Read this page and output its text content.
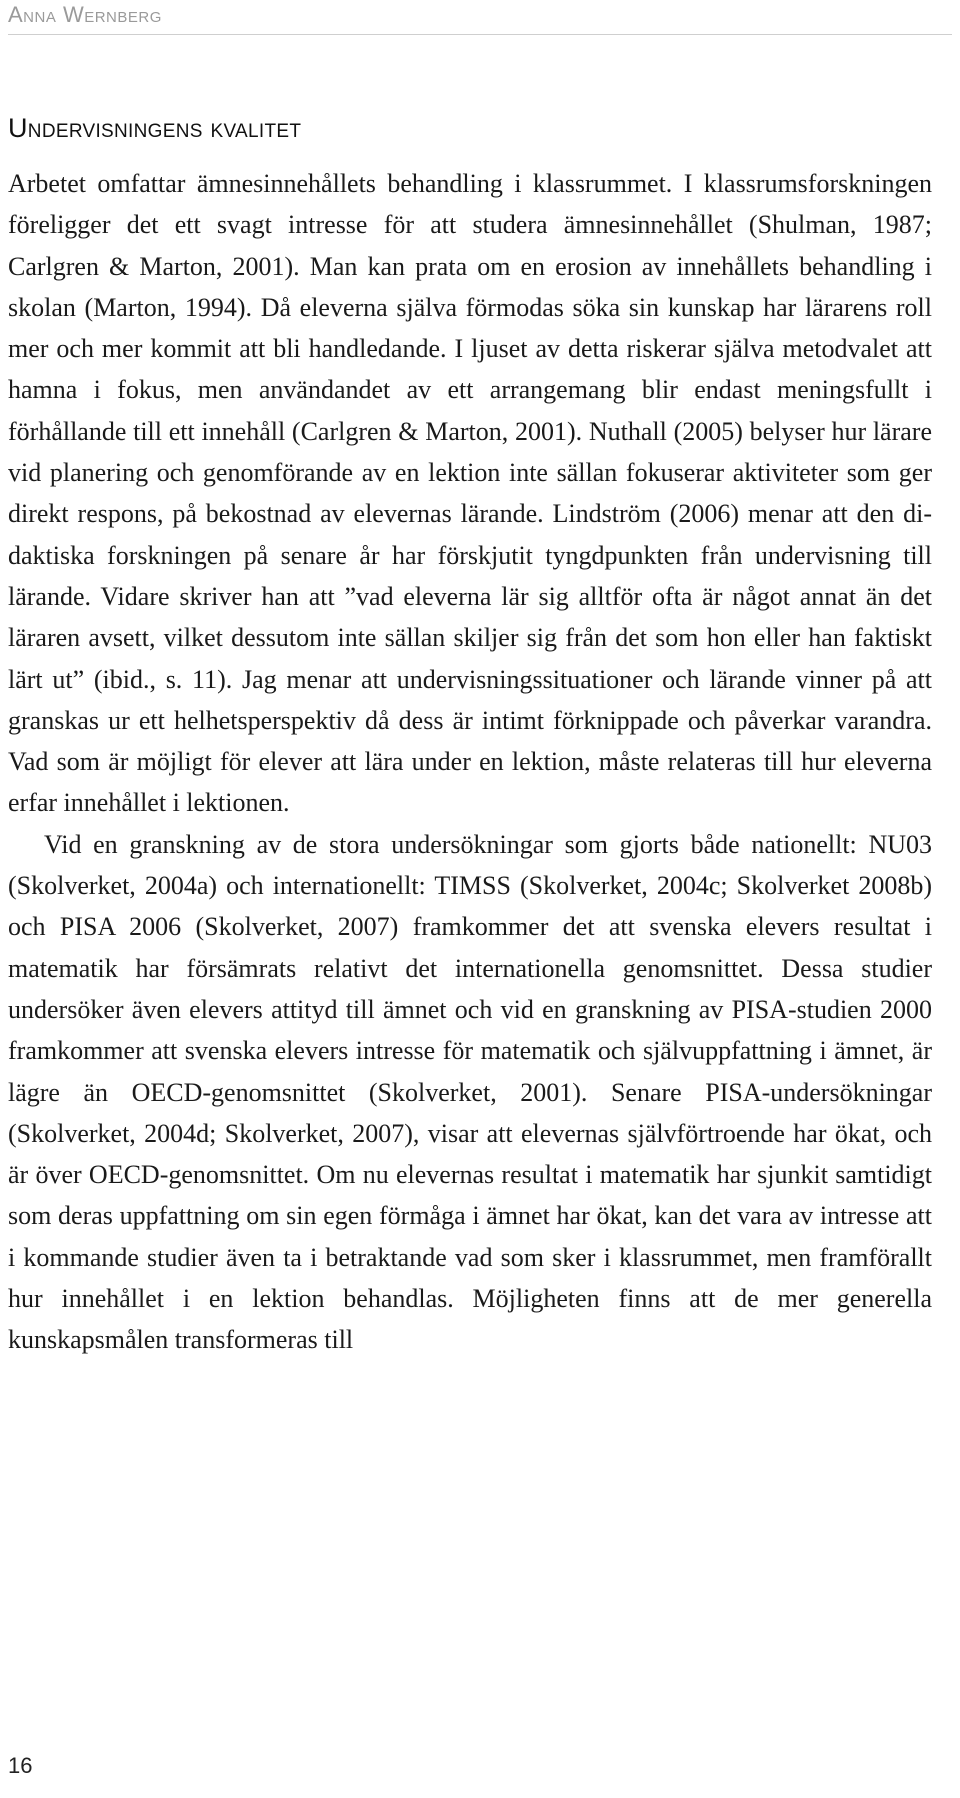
Anna Wernberg
Undervisningens kvalitet

Arbetet omfattar ämnesinnehållets behandling i klassrummet. I klassrumsforskningen föreligger det ett svagt intresse för att studera ämnesinnehållet (Shulman, 1987; Carlgren & Marton, 2001). Man kan prata om en erosion av innehållets behandling i skolan (Marton, 1994). Då eleverna själva förmodas söka sin kunskap har lärarens roll mer och mer kommit att bli handledande. I ljuset av detta riskerar själva metodvalet att hamna i fokus, men användandet av ett arrangemang blir endast meningsfullt i förhållande till ett innehåll (Carlgren & Marton, 2001). Nuthall (2005) belyser hur lärare vid planering och genomförande av en lektion inte sällan fokuserar aktiviteter som ger direkt respons, på bekostnad av elevernas lärande. Lindström (2006) menar att den didaktiska forskningen på senare år har förskjutit tyngdpunkten från undervisning till lärande. Vidare skriver han att ”vad eleverna lär sig alltför ofta är något annat än det läraren avsett, vilket dessutom inte sällan skiljer sig från det som hon eller han faktiskt lärt ut” (ibid., s. 11). Jag menar att undervisningssituationer och lärande vinner på att granskas ur ett helhetsperspektiv då dess är intimt förknippade och påverkar varandra. Vad som är möjligt för elever att lära under en lektion, måste relateras till hur eleverna erfar innehållet i lektionen.

Vid en granskning av de stora undersökningar som gjorts både nationellt: NU03 (Skolverket, 2004a) och internationellt: TIMSS (Skolverket, 2004c; Skolverket 2008b) och PISA 2006 (Skolverket, 2007) framkommer det att svenska elevers resultat i matematik har försämrats relativt det internationella genomsnittet. Dessa studier undersöker även elevers attityd till ämnet och vid en granskning av PISA-studien 2000 framkommer att svenska elevers intresse för matematik och självuppfattning i ämnet, är lägre än OECD-genomsnittet (Skolverket, 2001). Senare PISA-undersökningar (Skolverket, 2004d; Skolverket, 2007), visar att elevernas självförtroende har ökat, och är över OECD-genomsnittet. Om nu elevernas resultat i matematik har sjunkit samtidigt som deras uppfattning om sin egen förmåga i ämnet har ökat, kan det vara av intresse att i kommande studier även ta i betraktande vad som sker i klassrummet, men framförallt hur innehållet i en lektion behandlas. Möjligheten finns att de mer generella kunskapsmålen transformeras till

16
